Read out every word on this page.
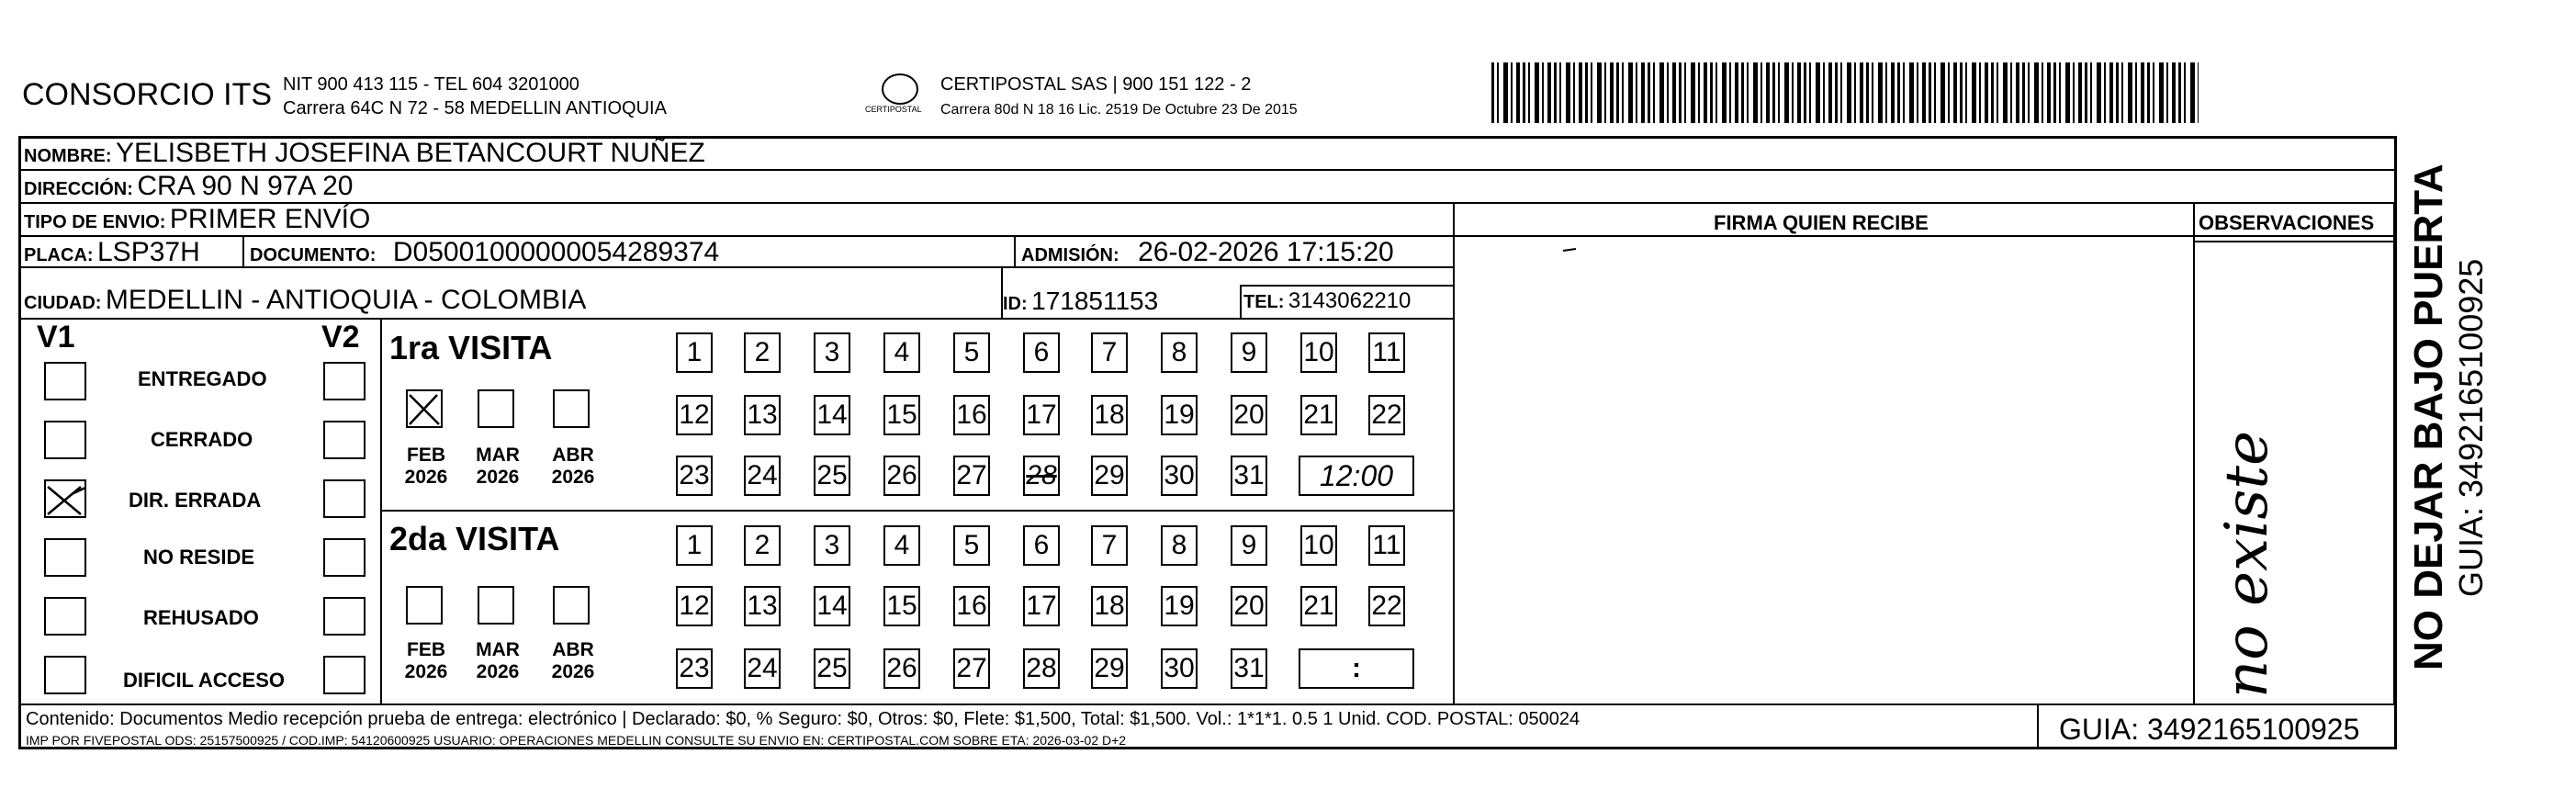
CONSORCIO ITS NIT 900 413 115 - TEL 604 3201000
Carrera 64C N 72 - 58 MEDELLIN ANTIOQUIA	CERTIPOSTAL
CERTIPOSTAL SAS | 900 151 122 - 2
Carrera 80d N 18 16 Lic. 2519 De Octubre 23 De 2015
NOMBRE: YELISBETH JOSEFINA BETANCOURT NUÑEZ
DIRECCIÓN: CRA 90 N 97A 20
TIPO DE ENVIO: PRIMER ENVÍO	FIRMA QUIEN RECIBE	OBSERVACIONES
PLACA: LSP37H	DOCUMENTO: D05001000000054289374	ADMISIÓN: 26-02-2026 17:15:20
CIUDAD: MEDELLIN - ANTIOQUIA - COLOMBIA	ID: 171851153	TEL: 3143062210
V1	V2
ENTREGADO
CERRADO
DIR. ERRADA
NO RESIDE
REHUSADO
DIFICIL ACCESO
1ra VISITA
FEB
2026
MAR
2026
ABR
2026
2da VISITA
FEB
2026
MAR
2026
ABR
2026
1	2	3	4	5	6	7	8	9	10 11
12 13 14 15 16 17 18 19 20 21 22
23 24 25 26 27 28 29 30 31
1	2	3	4	5	6	7	8	9	10 11
12 13 14 15 16 17 18 19 20 21 22
23 24 25 26 27 28 29 30 31
12:00
:	no existe	NO DEJAR BAJO PUERTA GUIA: 3492165100925
Contenido: Documentos Medio recepción prueba de entrega: electrónico | Declarado: $0, % Seguro: $0, Otros: $0, Flete: $1,500, Total: $1,500. Vol.: 1*1*1. 0.5 1 Unid. COD. POSTAL: 050024
IMP POR FIVEPOSTAL ODS: 25157500925 / COD.IMP: 54120600925 USUARIO: OPERACIONES MEDELLIN CONSULTE SU ENVIO EN: CERTIPOSTAL.COM SOBRE ETA: 2026-03-02 D+2	GUIA: 3492165100925
